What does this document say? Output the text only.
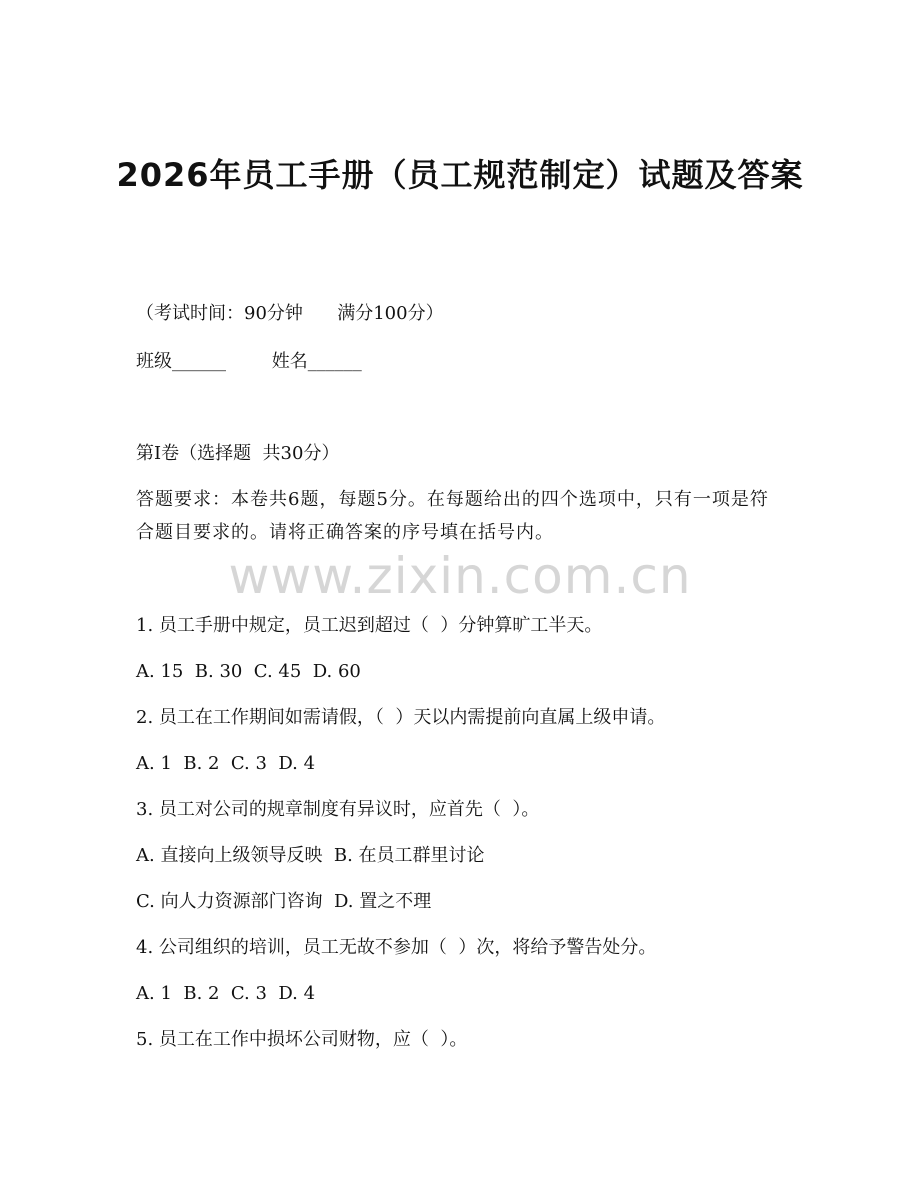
2026年员工手册（员工规范制定）试题及答案
（考试时间：90分钟      满分100分）
班级______        姓名______
第I卷（选择题  共30分）
答题要求：本卷共6题，每题5分。在每题给出的四个选项中，只有一项是符合题目要求的。请将正确答案的序号填在括号内。
www.zixin.com.cn
1. 员工手册中规定，员工迟到超过（  ）分钟算旷工半天。
A. 15  B. 30  C. 45  D. 60
2. 员工在工作期间如需请假，（  ）天以内需提前向直属上级申请。
A. 1  B. 2  C. 3  D. 4
3. 员工对公司的规章制度有异议时，应首先（  ）。
A. 直接向上级领导反映  B. 在员工群里讨论
C. 向人力资源部门咨询  D. 置之不理
4. 公司组织的培训，员工无故不参加（  ）次，将给予警告处分。
A. 1  B. 2  C. 3  D. 4
5. 员工在工作中损坏公司财物，应（  ）。
